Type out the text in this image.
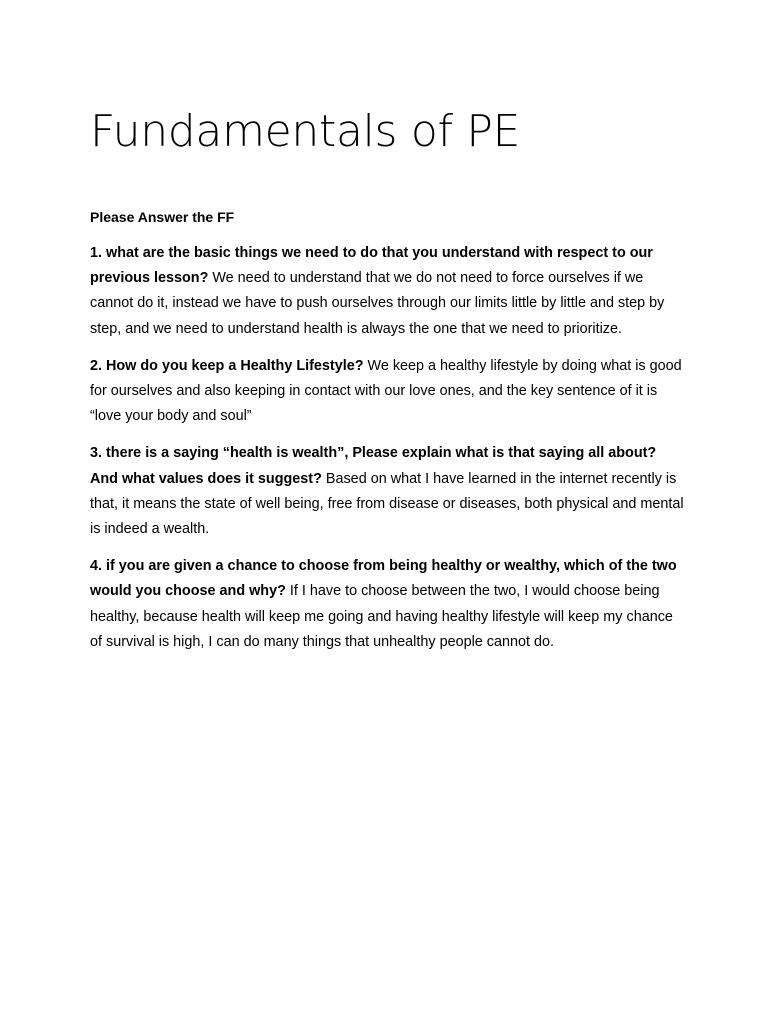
Fundamentals of PE

Please Answer the FF

1. what are the basic things we need to do that you understand with respect to our previous lesson? We need to understand that we do not need to force ourselves if we cannot do it, instead we have to push ourselves through our limits little by little and step by step, and we need to understand health is always the one that we need to prioritize.

2. How do you keep a Healthy Lifestyle? We keep a healthy lifestyle by doing what is good for ourselves and also keeping in contact with our love ones, and the key sentence of it is “love your body and soul”

3. there is a saying “health is wealth”, Please explain what is that saying all about? And what values does it suggest? Based on what I have learned in the internet recently is that, it means the state of well being, free from disease or diseases, both physical and mental is indeed a wealth.

4. if you are given a chance to choose from being healthy or wealthy, which of the two would you choose and why? If I have to choose between the two, I would choose being healthy, because health will keep me going and having healthy lifestyle will keep my chance of survival is high, I can do many things that unhealthy people cannot do.
